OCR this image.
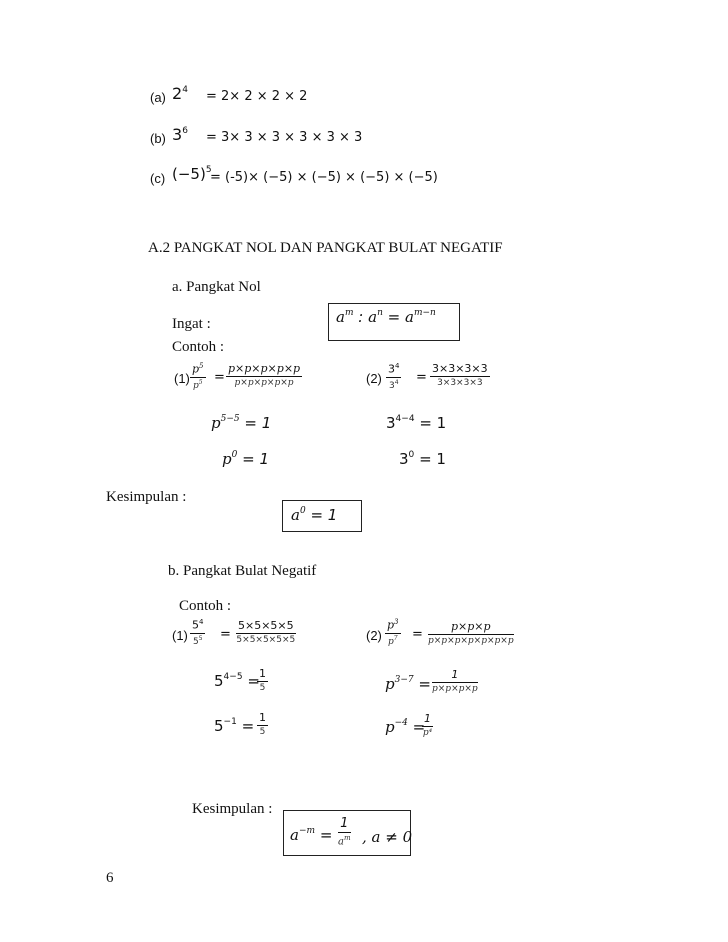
(a) $2^4 = 2\times 2 \times 2 \times 2$
(b) $3^6 = 3\times 3 \times 3 \times 3 \times 3 \times 3$
(c) $(-5)^5$
= (-5)× (−5) × (−5) × (−5) × (−5)
A.2 PANGKAT NOL DAN PANGKAT BULAT NEGATIF
a. Pangkat Nol
Ingat :	$a^m$ : $a^n = a^{m-n}$
Contoh :
(1)
$p^5$
$p^5$ =
p×p×p×p×p
p×p×p×p×p
$p^{5-5} = 1$
$p^0 = 1$
(2)
$3^4$
$3^4$ =
3×3×3×3
3×3×3×3
$3^{4-4} = 1$
$3^0 = 1$
Kesimpulan :
$a^0 = 1$
b. Pangkat Bulat Negatif
Contoh :
(1)
$5^4$
$5^5$ =
5×5×5×5
5×5×5×5×5
$5^{4-5} = 1$
5
$5^{-1} = 1$
5
(2)
$p^3$
$p^7$ =
p×p×p
p×p×p×p×p×p×p
$p^{3-7}$ =
1
p×p×p×p
$p^{-4}$ =
1
p⁴
Kesimpulan :
$a^{-m}$ =
1
$a^m$ , a ≠ 0
6
